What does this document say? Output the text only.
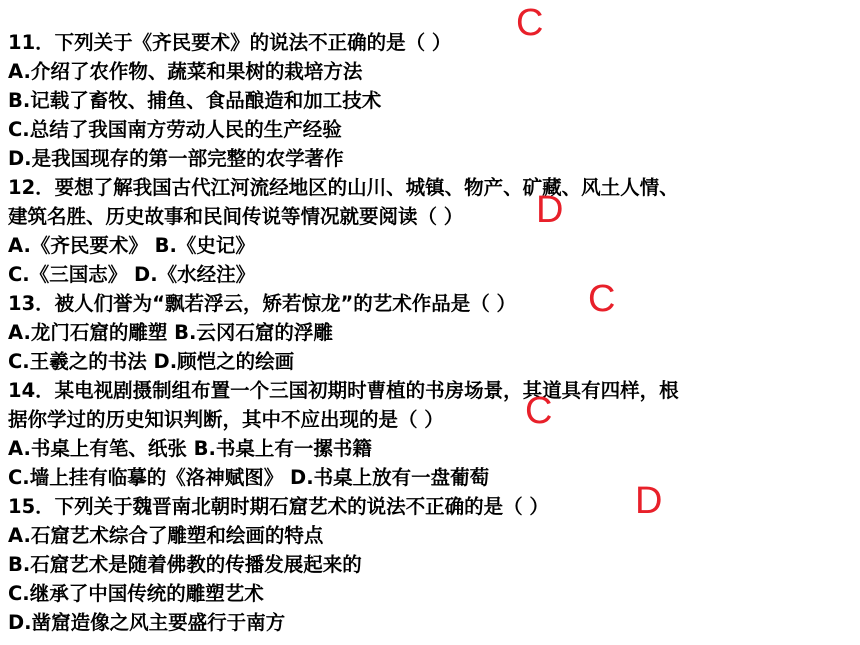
11．下列关于《齐民要术》的说法不正确的是（ ）
A.介绍了农作物、蔬菜和果树的栽培方法
B.记载了畜牧、捕鱼、食品酿造和加工技术
C.总结了我国南方劳动人民的生产经验
D.是我国现存的第一部完整的农学著作
12．要想了解我国古代江河流经地区的山川、城镇、物产、矿藏、风土人情、
建筑名胜、历史故事和民间传说等情况就要阅读（ ）
A.《齐民要术》 B.《史记》
C.《三国志》 D.《水经注》
13．被人们誉为“飘若浮云，矫若惊龙”的艺术作品是（ ）
A.龙门石窟的雕塑 B.云冈石窟的浮雕
C.王羲之的书法 D.顾恺之的绘画
14．某电视剧摄制组布置一个三国初期时曹植的书房场景，其道具有四样，根
据你学过的历史知识判断，其中不应出现的是（ ）
A.书桌上有笔、纸张 B.书桌上有一摞书籍
C.墙上挂有临摹的《洛神赋图》 D.书桌上放有一盘葡萄
15．下列关于魏晋南北朝时期石窟艺术的说法不正确的是（ ）
A.石窟艺术综合了雕塑和绘画的特点
B.石窟艺术是随着佛教的传播发展起来的
C.继承了中国传统的雕塑艺术
D.凿窟造像之风主要盛行于南方
C
D
C
C
D
